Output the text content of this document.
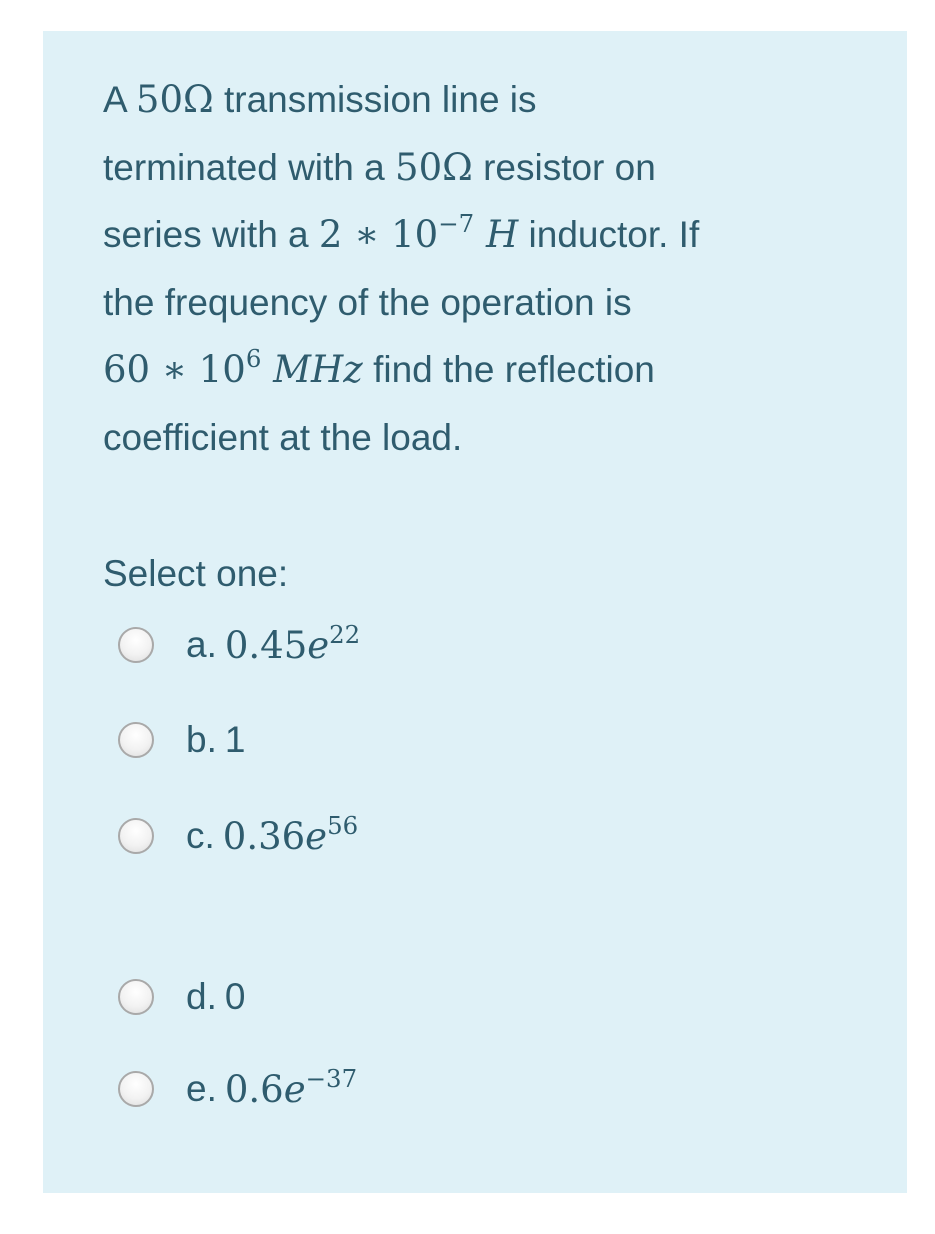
A 50Ω transmission line is
terminated with a 50Ω resistor on
series with a 2 ∗ $10^{-7}$ H inductor. If
the frequency of the operation is
60 ∗ $10^6$ MHz find the reflection
coefficient at the load.
Select one:
a. $0.45e^{22}$
b. 1
c. $0.36e^{56}$
d. 0
e. $0.6e^{-37}$
